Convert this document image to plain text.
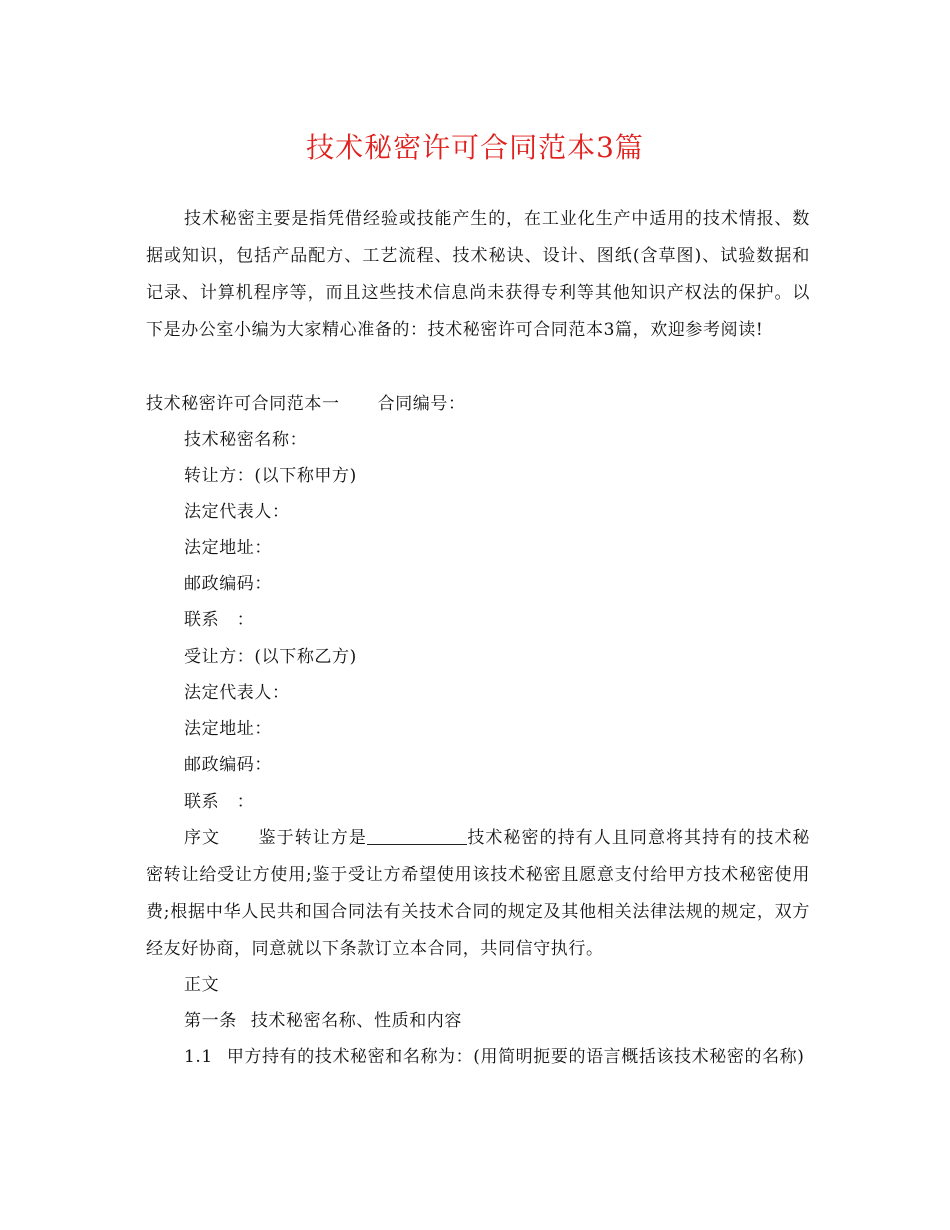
技术秘密许可合同范本3篇
技术秘密主要是指凭借经验或技能产生的，在工业化生产中适用的技术情报、数据或知识，包括产品配方、工艺流程、技术秘诀、设计、图纸(含草图)、试验数据和记录、计算机程序等，而且这些技术信息尚未获得专利等其他知识产权法的保护。以下是办公室小编为大家精心准备的：技术秘密许可合同范本3篇，欢迎参考阅读!
技术秘密许可合同范本一 合同编号：
技术秘密名称：
转让方：(以下称甲方)
法定代表人：
法定地址：
邮政编码：
联系　：
受让方：(以下称乙方)
法定代表人：
法定地址：
邮政编码：
联系　：
序文 鉴于转让方是	技术秘密的持有人且同意将其持有的技术秘密转让给受让方使用;鉴于受让方希望使用该技术秘密且愿意支付给甲方技术秘密使用费;根据中华人民共和国合同法有关技术合同的规定及其他相关法律法规的规定，双方经友好协商，同意就以下条款订立本合同，共同信守执行。
正文
第一条 技术秘密名称、性质和内容
1.1 甲方持有的技术秘密和名称为：(用简明扼要的语言概括该技术秘密的名称)
